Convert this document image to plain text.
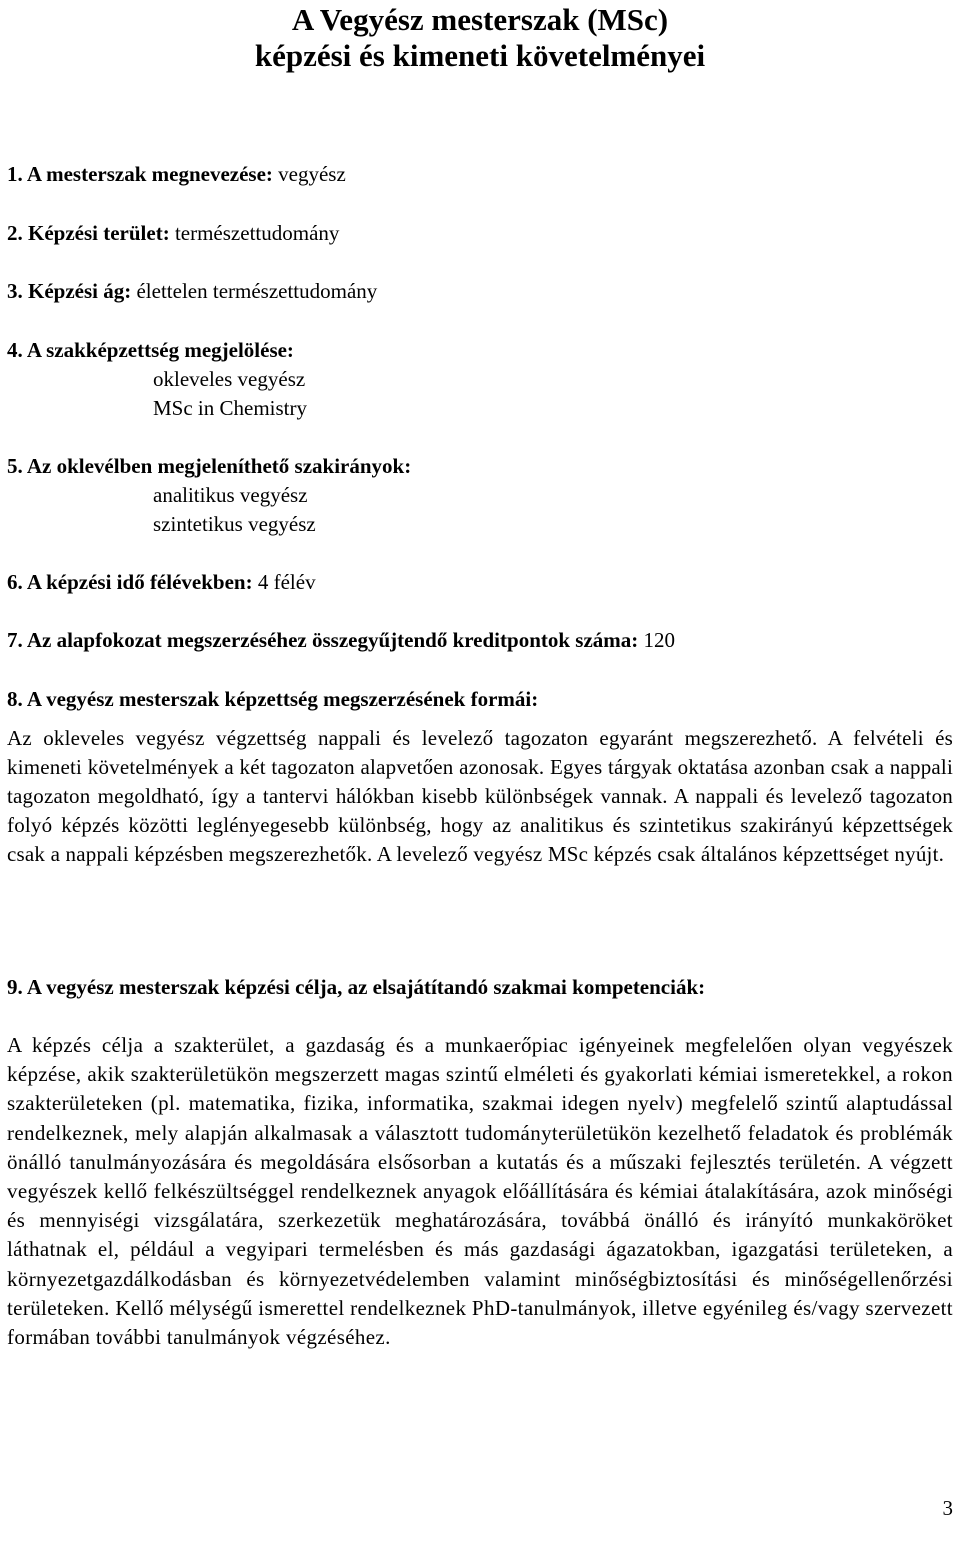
A Vegyész mesterszak (MSc)
képzési és kimeneti követelményei
1. A mesterszak megnevezése: vegyész
2. Képzési terület: természettudomány
3. Képzési ág: élettelen természettudomány
4. A szakképzettség megjelölése:
okleveles vegyész
MSc in Chemistry
5. Az oklevélben megjeleníthető szakirányok:
analitikus vegyész
szintetikus vegyész
6. A képzési idő félévekben: 4 félév
7. Az alapfokozat megszerzéséhez összegyűjtendő kreditpontok száma: 120
8. A vegyész mesterszak képzettség megszerzésének formái:

Az okleveles vegyész végzettség nappali és levelező tagozaton egyaránt megszerezhető. A felvételi és kimeneti követelmények a két tagozaton alapvetően azonosak. Egyes tárgyak oktatása azonban csak a nappali tagozaton megoldható, így a tantervi hálókban kisebb különbségek vannak. A nappali és levelező tagozaton folyó képzés közötti leglényegesebb különbség, hogy az analitikus és szintetikus szakirányú képzettségek csak a nappali képzésben megszerezhetők. A levelező vegyész MSc képzés csak általános képzettséget nyújt.

9. A vegyész mesterszak képzési célja, az elsajátítandó szakmai kompetenciák:

A képzés célja a szakterület, a gazdaság és a munkaerőpiac igényeinek megfelelően olyan vegyészek képzése, akik szakterületükön megszerzett magas szintű elméleti és gyakorlati kémiai ismeretekkel, a rokon szakterületeken (pl. matematika, fizika, informatika, szakmai idegen nyelv) megfelelő szintű alaptudással rendelkeznek, mely alapján alkalmasak a választott tudományterületükön kezelhető feladatok és problémák önálló tanulmányozására és megoldására elsősorban a kutatás és a műszaki fejlesztés területén. A végzett vegyészek kellő felkészültséggel rendelkeznek anyagok előállítására és kémiai átalakítására, azok minőségi és mennyiségi vizsgálatára, szerkezetük meghatározására, továbbá önálló és irányító munkaköröket láthatnak el, például a vegyipari termelésben és más gazdasági ágazatokban, igazgatási területeken, a környezetgazdálkodásban és környezetvédelemben valamint minőségbiztosítási és minőségellenőrzési területeken. Kellő mélységű ismerettel rendelkeznek PhD-tanulmányok, illetve egyénileg és/vagy szervezett formában további tanulmányok végzéséhez.

3
